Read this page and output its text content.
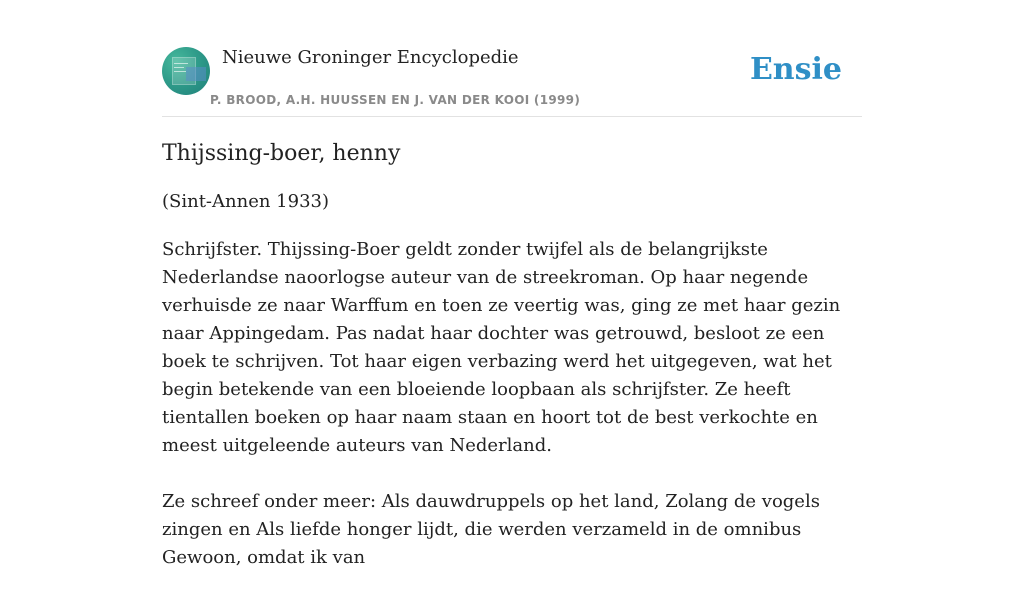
Nieuwe Groninger Encyclopedie
P. BROOD, A.H. HUUSSEN EN J. VAN DER KOOI (1999)
Ensie
Thijssing-boer, henny
(Sint-Annen 1933)

Schrijfster. Thijssing-Boer geldt zonder twijfel als de belangrijkste Nederlandse naoorlogse auteur van de streekroman. Op haar negende verhuisde ze naar Warffum en toen ze veertig was, ging ze met haar gezin naar Appingedam. Pas nadat haar dochter was getrouwd, besloot ze een boek te schrijven. Tot haar eigen verbazing werd het uitgegeven, wat het begin betekende van een bloeiende loopbaan als schrijfster. Ze heeft tientallen boeken op haar naam staan en hoort tot de best verkochte en meest uitgeleende auteurs van Nederland.

Ze schreef onder meer: Als dauwdruppels op het land, Zolang de vogels zingen en Als liefde honger lijdt, die werden verzameld in de omnibus Gewoon, omdat ik van
